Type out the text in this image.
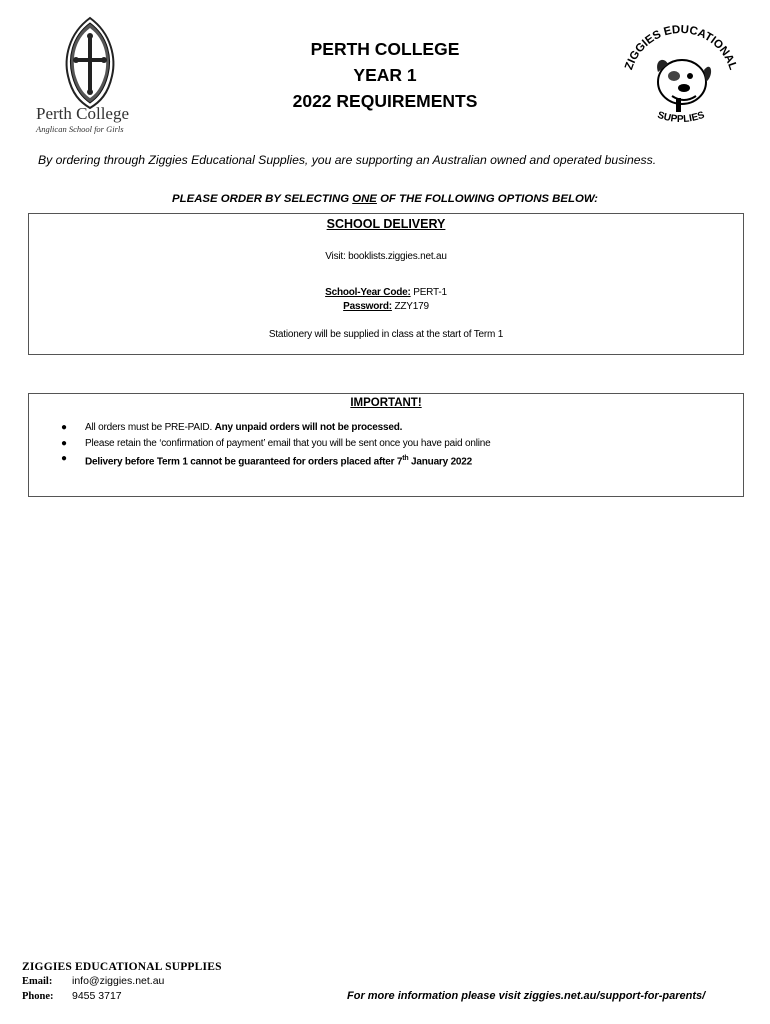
Perth College
Anglican School for Girls
PERTH COLLEGE
YEAR 1
2022 REQUIREMENTS
ZIGGIES EDUCATIONAL
SUPPLIES
By ordering through Ziggies Educational Supplies, you are supporting an Australian owned and operated business.
PLEASE ORDER BY SELECTING ONE OF THE FOLLOWING OPTIONS BELOW:
SCHOOL DELIVERY
Visit: booklists.ziggies.net.au
School-Year Code: PERT-1
Password: ZZY179
Stationery will be supplied in class at the start of Term 1
IMPORTANT!
● All orders must be PRE-PAID. Any unpaid orders will not be processed.
● Please retain the ‘confirmation of payment’ email that you will be sent once you have paid online
● Delivery before Term 1 cannot be guaranteed for orders placed after 7th January 2022
ZIGGIES EDUCATIONAL SUPPLIES
Email: info@ziggies.net.au
Phone: 9455 3717	For more information please visit ziggies.net.au/support-for-parents/
